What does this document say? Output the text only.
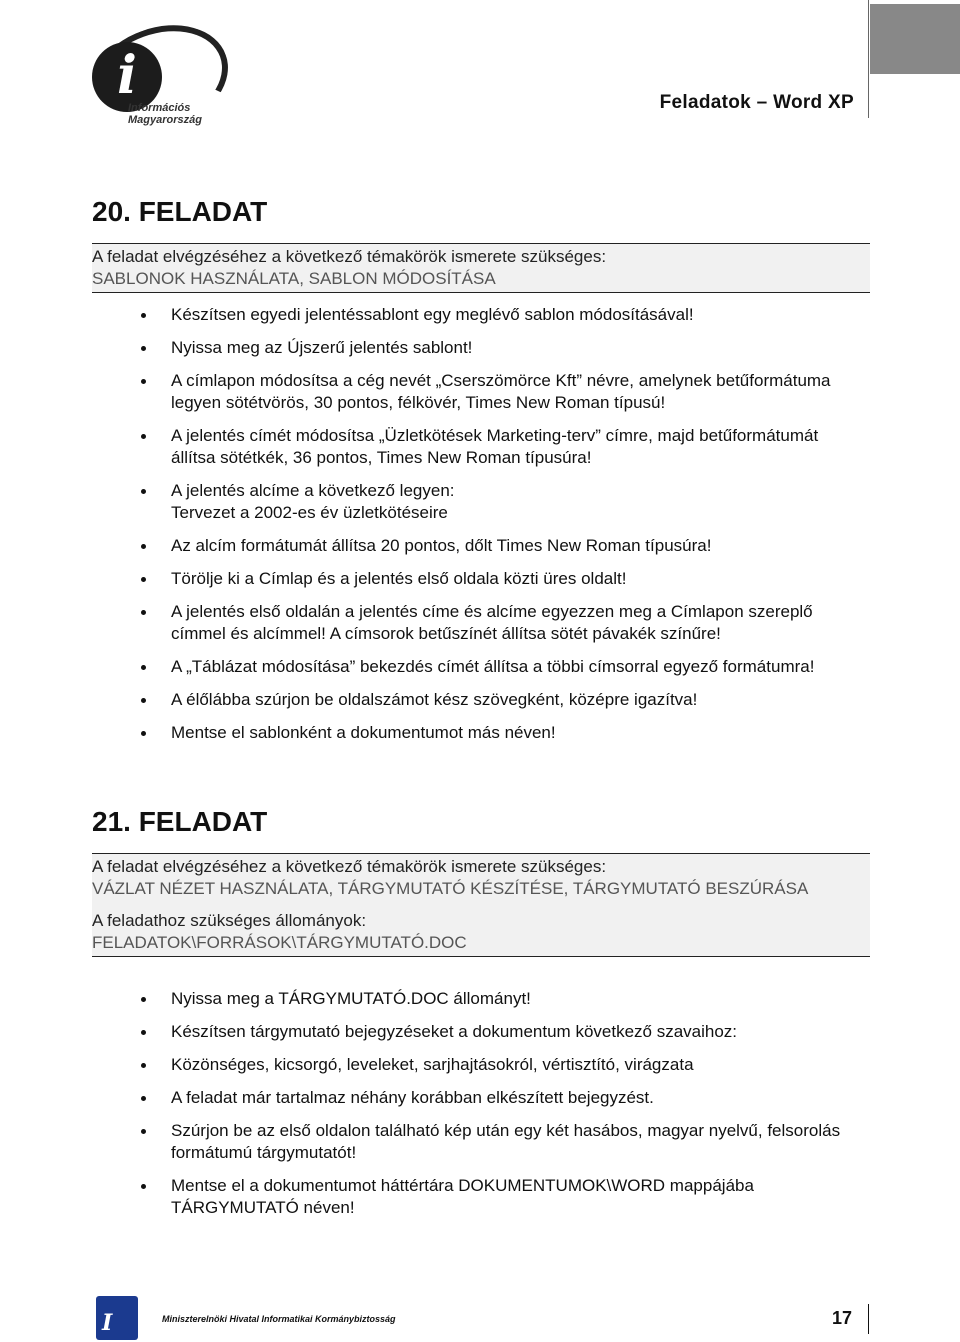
i
Információs
Magyarország
Feladatok – Word XP
20. FELADAT
A feladat elvégzéséhez a következő témakörök ismerete szükséges:
SABLONOK HASZNÁLATA, SABLON MÓDOSÍTÁSA
Készítsen egyedi jelentéssablont egy meglévő sablon módosításával!
Nyissa meg az Újszerű jelentés sablont!
A címlapon módosítsa a cég nevét „Cserszömörce Kft” névre, amelynek betűformátuma legyen sötétvörös, 30 pontos, félkövér, Times New Roman típusú!
A jelentés címét módosítsa „Üzletkötések Marketing-terv” címre, majd betűformátumát állítsa sötétkék, 36 pontos, Times New Roman típusúra!
A jelentés alcíme a következő legyen:
Tervezet a 2002-es év üzletkötéseire
Az alcím formátumát állítsa 20 pontos, dőlt Times New Roman típusúra!
Törölje ki a Címlap és a jelentés első oldala közti üres oldalt!
A jelentés első oldalán a jelentés címe és alcíme egyezzen meg a Címlapon szereplő címmel és alcímmel! A címsorok betűszínét állítsa sötét pávakék színűre!
A „Táblázat módosítása” bekezdés címét állítsa a többi címsorral egyező formátumra!
A élőlábba szúrjon be oldalszámot kész szövegként, középre igazítva!
Mentse el sablonként a dokumentumot más néven!
21. FELADAT
A feladat elvégzéséhez a következő témakörök ismerete szükséges:
VÁZLAT NÉZET HASZNÁLATA, TÁRGYMUTATÓ KÉSZÍTÉSE, TÁRGYMUTATÓ BESZÚRÁSA
A feladathoz szükséges állományok:
FELADATOK\FORRÁSOK\TÁRGYMUTATÓ.DOC
Nyissa meg a TÁRGYMUTATÓ.DOC állományt!
Készítsen tárgymutató bejegyzéseket a dokumentum következő szavaihoz:
Közönséges, kicsorgó, leveleket, sarjhajtásokról, vértisztító, virágzata
A feladat már tartalmaz néhány korábban elkészített bejegyzést.
Szúrjon be az első oldalon található kép után egy két hasábos, magyar nyelvű, felsorolás formátumú tárgymutatót!
Mentse el a dokumentumot háttértára DOKUMENTUMOK\WORD mappájába TÁRGYMUTATÓ néven!
I	Miniszterelnöki Hivatal Informatikai Kormánybiztosság	17
